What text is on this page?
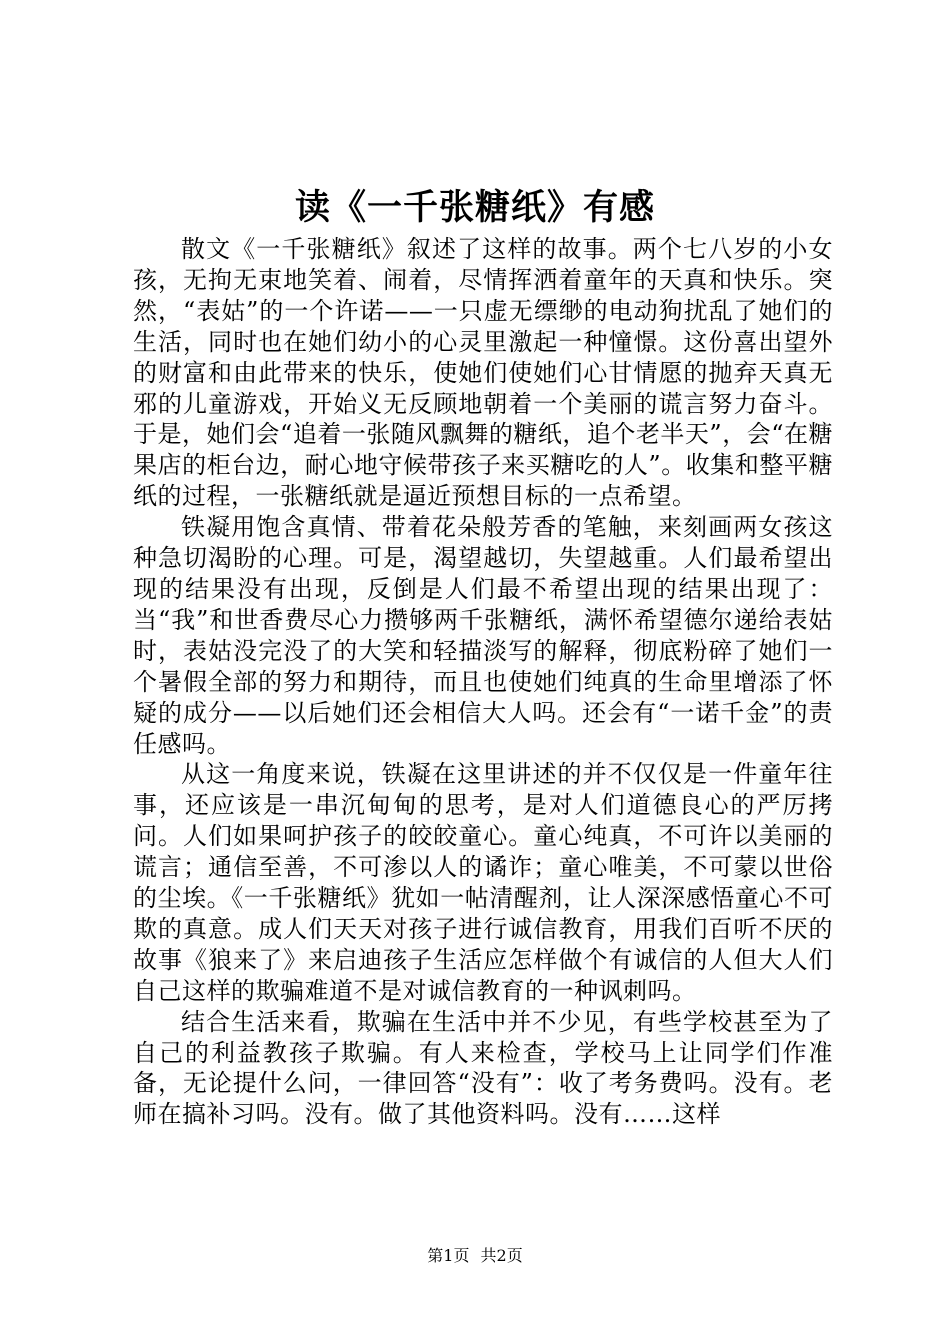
读《一千张糖纸》有感

散文《一千张糖纸》叙述了这样的故事。两个七八岁的小女孩，无拘无束地笑着、闹着，尽情挥洒着童年的天真和快乐。突然，“表姑”的一个许诺——一只虚无缥缈的电动狗扰乱了她们的生活，同时也在她们幼小的心灵里激起一种憧憬。这份喜出望外的财富和由此带来的快乐，使她们使她们心甘情愿的抛弃天真无邪的儿童游戏，开始义无反顾地朝着一个美丽的谎言努力奋斗。于是，她们会“追着一张随风飘舞的糖纸，追个老半天”，会“在糖果店的柜台边，耐心地守候带孩子来买糖吃的人”。收集和整平糖纸的过程，一张糖纸就是逼近预想目标的一点希望。

铁凝用饱含真情、带着花朵般芳香的笔触，来刻画两女孩这种急切渴盼的心理。可是，渴望越切，失望越重。人们最希望出现的结果没有出现，反倒是人们最不希望出现的结果出现了：当“我”和世香费尽心力攒够两千张糖纸，满怀希望德尔递给表姑时，表姑没完没了的大笑和轻描淡写的解释，彻底粉碎了她们一个暑假全部的努力和期待，而且也使她们纯真的生命里增添了怀疑的成分——以后她们还会相信大人吗。还会有“一诺千金”的责任感吗。

从这一角度来说，铁凝在这里讲述的并不仅仅是一件童年往事，还应该是一串沉甸甸的思考，是对人们道德良心的严厉拷问。人们如果呵护孩子的皎皎童心。童心纯真，不可许以美丽的谎言；通信至善，不可渗以人的谲诈；童心唯美，不可蒙以世俗的尘埃。《一千张糖纸》犹如一帖清醒剂，让人深深感悟童心不可欺的真意。成人们天天对孩子进行诚信教育，用我们百听不厌的故事《狼来了》来启迪孩子生活应怎样做个有诚信的人但大人们自己这样的欺骗难道不是对诚信教育的一种讽刺吗。

结合生活来看，欺骗在生活中并不少见，有些学校甚至为了自己的利益教孩子欺骗。有人来检查，学校马上让同学们作准备，无论提什么问，一律回答“没有”：收了考务费吗。没有。老师在搞补习吗。没有。做了其他资料吗。没有……这样

第1页 共2页
